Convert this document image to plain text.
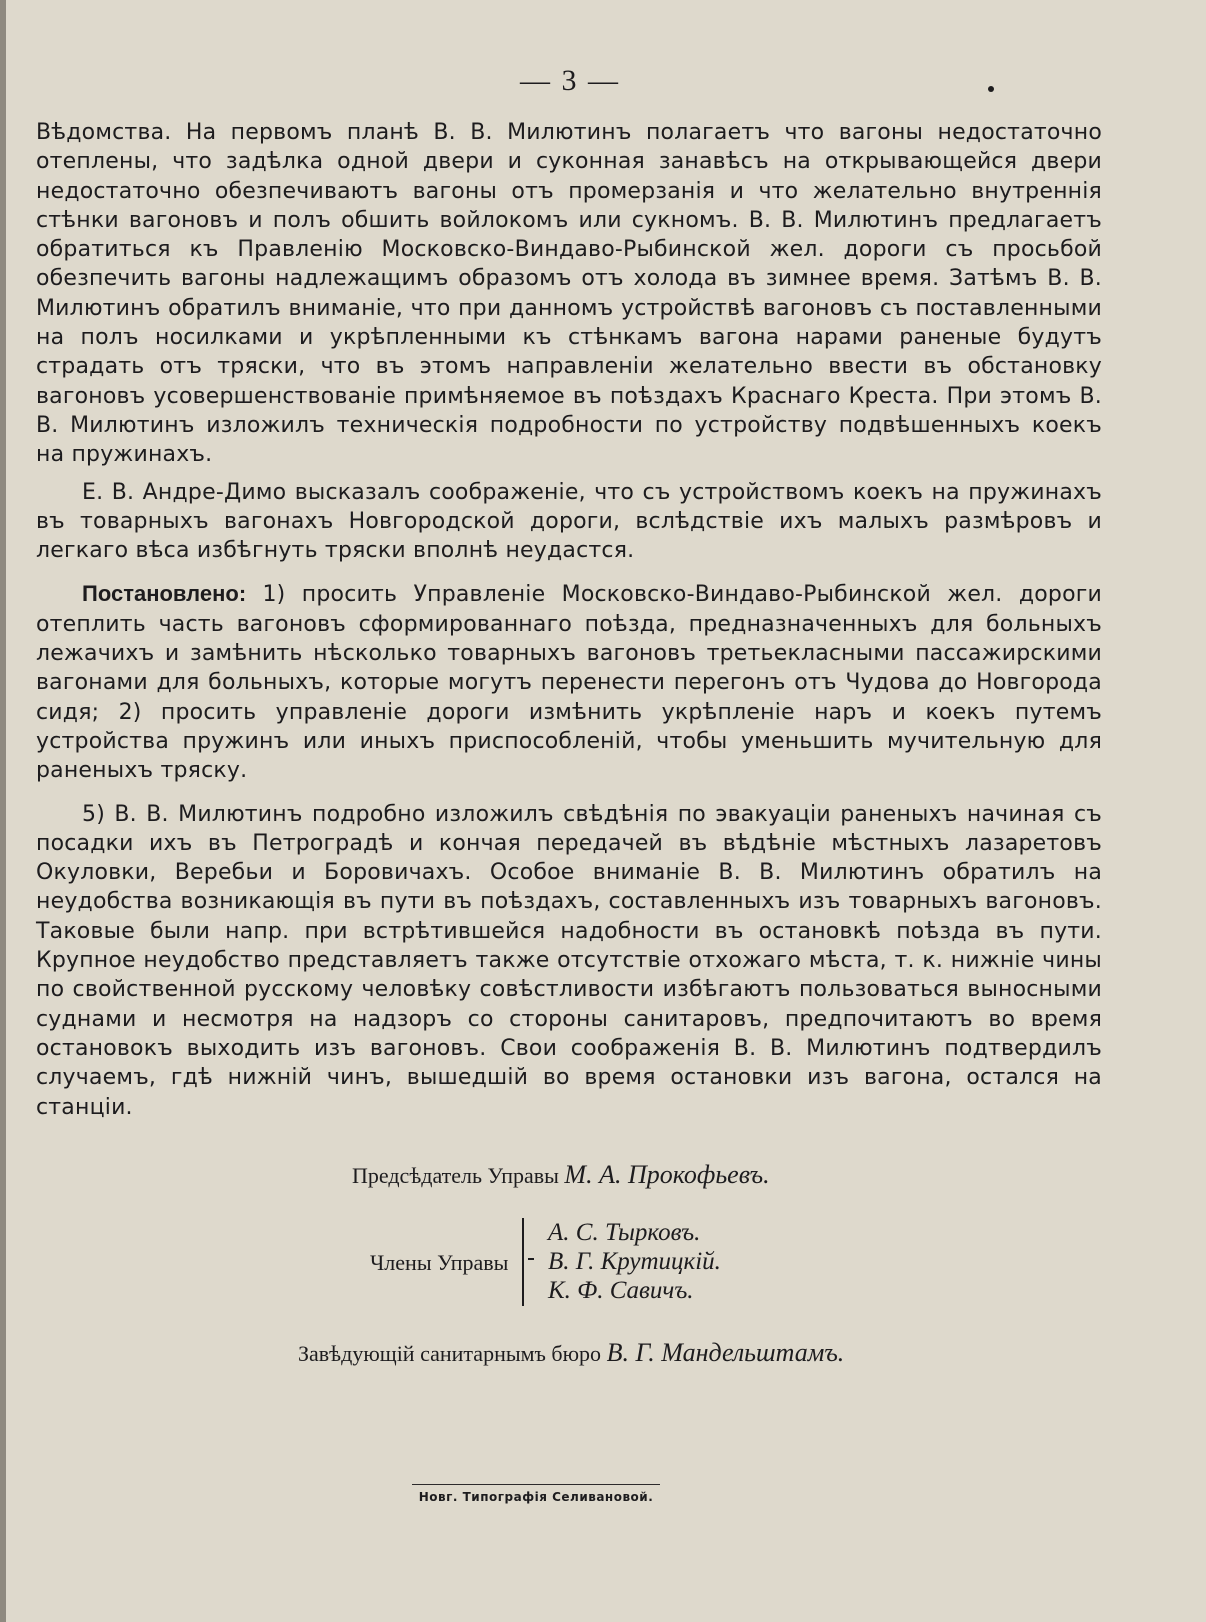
— 3 —

Вѣдомства. На первомъ планѣ В. В. Милютинъ полагаетъ что вагоны недостаточно отеплены, что задѣлка одной двери и суконная занавѣсъ на открывающейся двери недостаточно обезпечиваютъ вагоны отъ промерзанія и что желательно внутреннія стѣнки вагоновъ и полъ обшить войлокомъ или сукномъ. В. В. Милютинъ предлагаетъ обратиться къ Правленію Московско-Виндаво-Рыбинской жел. дороги съ просьбой обезпечить вагоны надлежащимъ образомъ отъ холода въ зимнее время. Затѣмъ В. В. Милютинъ обратилъ вниманіе, что при данномъ устройствѣ вагоновъ съ поставленными на полъ носилками и укрѣпленными къ стѣнкамъ вагона нарами раненые будутъ страдать отъ тряски, что въ этомъ направленіи желательно ввести въ обстановку вагоновъ усовершенствованіе примѣняемое въ поѣздахъ Краснаго Креста. При этомъ В. В. Милютинъ изложилъ техническія подробности по устройству подвѣшенныхъ коекъ на пружинахъ.

Е. В. Андре-Димо высказалъ соображеніе, что съ устройствомъ коекъ на пружинахъ въ товарныхъ вагонахъ Новгородской дороги, вслѣдствіе ихъ малыхъ размѣровъ и легкаго вѣса избѣгнуть тряски вполнѣ неудастся.

Постановлено: 1) просить Управленіе Московско-Виндаво-Рыбинской жел. дороги отеплить часть вагоновъ сформированнаго поѣзда, предназначенныхъ для больныхъ лежачихъ и замѣнить нѣсколько товарныхъ вагоновъ третьекласными пассажирскими вагонами для больныхъ, которые могутъ перенести перегонъ отъ Чудова до Новгорода сидя; 2) просить управленіе дороги измѣнить укрѣпленіе наръ и коекъ путемъ устройства пружинъ или иныхъ приспособленій, чтобы уменьшить мучительную для раненыхъ тряску.

5) В. В. Милютинъ подробно изложилъ свѣдѣнія по эвакуаціи раненыхъ начиная съ посадки ихъ въ Петроградѣ и кончая передачей въ вѣдѣніе мѣстныхъ лазаретовъ Окуловки, Веребьи и Боровичахъ. Особое вниманіе В. В. Милютинъ обратилъ на неудобства возникающія въ пути въ поѣздахъ, составленныхъ изъ товарныхъ вагоновъ. Таковые были напр. при встрѣтившейся надобности въ остановкѣ поѣзда въ пути. Крупное неудобство представляетъ также отсутствіе отхожаго мѣста, т. к. нижніе чины по свойственной русскому человѣку совѣстливости избѣгаютъ пользоваться выносными суднами и несмотря на надзоръ со стороны санитаровъ, предпочитаютъ во время остановокъ выходить изъ вагоновъ. Свои соображенія В. В. Милютинъ подтвердилъ случаемъ, гдѣ нижній чинъ, вышедшій во время остановки изъ вагона, остался на станціи.

Предсѣдатель Управы М. А. Прокофьевъ.
Члены Управы
А. С. Тырковъ.
В. Г. Крутицкій.
К. Ф. Савичъ.
Завѣдующій санитарнымъ бюро В. Г. Мандельштамъ.
Новг. Типографія Селивановой.
